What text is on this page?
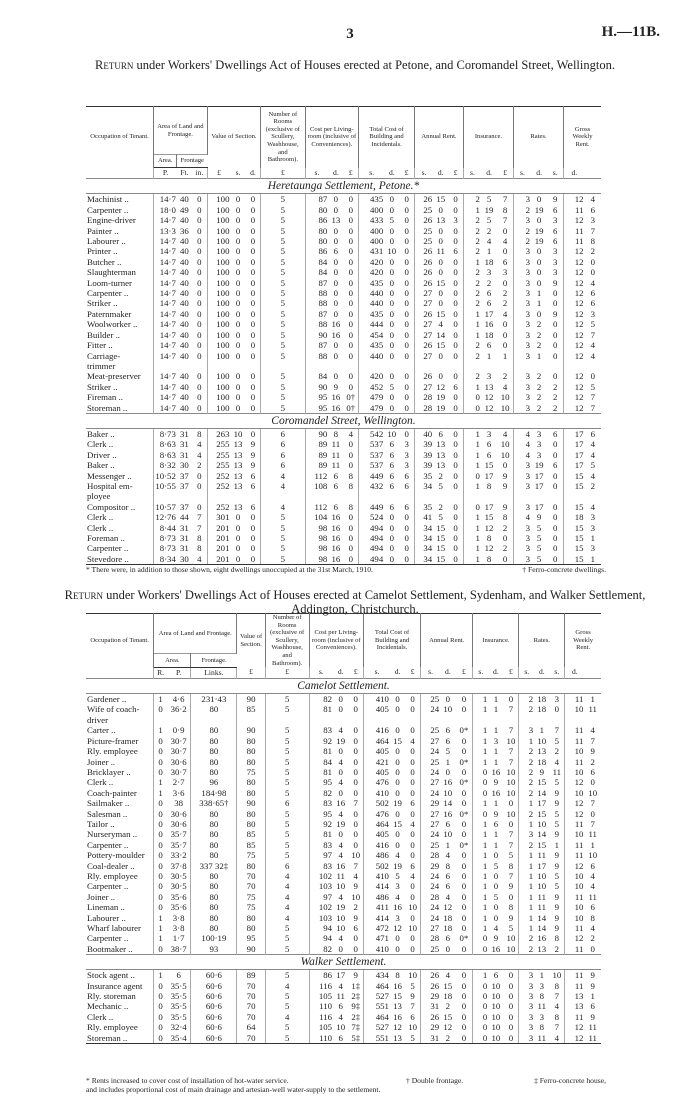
3	H.—11B.
Return under Workers' Dwellings Act of Houses erected at Petone, and Coromandel Street, Wellington.
Occupation of Tenant.	Area of Land and Frontage.			Value of Section.			Number of Rooms (exclusive of Scullery, Washhouse, and Bathroom).	Cost per Living-room (inclusive of Conveniences).			Total Cost of Building and Incidentals.			Annual Rent.			Insurance.			Rates.			Gross Weekly Rent.	
	Area.	Frontage																						
	P.	Ft.	in.	£	s.	d.	£	s.	d.	£	s.	d.	£	s.	d.	£	s.	d.	£	s.	d.	s.	d.	
Heretaunga Settlement, Petone.*																								
Machinist ..	14·7	40	0	100	0	0	5	87	0	0	435	0	0	26	15	0	2	5	7	3	0	9	12	4
Carpenter ..	18·0	49	0	100	0	0	5	80	0	0	400	0	0	25	0	0	1	19	8	2	19	6	11	6
Engine-driver	14·7	40	0	100	0	0	5	86	13	0	433	5	0	26	13	3	2	5	7	3	0	3	12	3
Painter ..	13·3	36	0	100	0	0	5	80	0	0	400	0	0	25	0	0	2	2	0	2	19	6	11	7
Labourer ..	14·7	40	0	100	0	0	5	80	0	0	400	0	0	25	0	0	2	4	4	2	19	6	11	8
Printer ..	14·7	40	0	100	0	0	5	86	6	0	431	10	0	26	11	6	2	1	0	3	0	3	12	2
Butcher ..	14·7	40	0	100	0	0	5	84	0	0	420	0	0	26	0	0	1	18	6	3	0	3	12	0
Slaughterman	14·7	40	0	100	0	0	5	84	0	0	420	0	0	26	0	0	2	3	3	3	0	3	12	0
Loom-turner	14·7	40	0	100	0	0	5	87	0	0	435	0	0	26	15	0	2	2	0	3	0	9	12	4
Carpenter ..	14·7	40	0	100	0	0	5	88	0	0	440	0	0	27	0	0	2	6	2	3	1	0	12	6
Striker ..	14·7	40	0	100	0	0	5	88	0	0	440	0	0	27	0	0	2	6	2	3	1	0	12	6
Paternmaker	14·7	40	0	100	0	0	5	87	0	0	435	0	0	26	15	0	1	17	4	3	0	9	12	3
Woolworker ..	14·7	40	0	100	0	0	5	88	16	0	444	0	0	27	4	0	1	16	0	3	2	0	12	5
Builder ..	14·7	40	0	100	0	0	5	90	16	0	454	0	0	27	14	0	1	18	0	3	2	0	12	7
Fitter ..	14·7	40	0	100	0	0	5	87	0	0	435	0	0	26	15	0	2	6	0	3	2	0	12	4
Carriage-	14·7	40	0	100	0	0	5	88	0	0	440	0	0	27	0	0	2	1	1	3	1	0	12	4
trimmer																								
Meat-preserver	14·7	40	0	100	0	0	5	84	0	0	420	0	0	26	0	0	2	3	2	3	2	0	12	0
Striker ..	14·7	40	0	100	0	0	5	90	9	0	452	5	0	27	12	6	1	13	4	3	2	2	12	5
Fireman ..	14·7	40	0	100	0	0	5	95	16	0†	479	0	0	28	19	0	0	12	10	3	2	2	12	7
Storeman ..	14·7	40	0	100	0	0	5	95	16	0†	479	0	0	28	19	0	0	12	10	3	2	2	12	7
Coromandel Street, Wellington.																								
Baker ..	8·73	31	8	263	10	0	6	90	8	4	542	10	0	40	6	0	1	3	4	4	3	6	17	6
Clerk ..	8·63	31	4	255	13	9	6	89	11	0	537	6	3	39	13	0	1	6	10	4	3	0	17	4
Driver ..	8·63	31	4	255	13	9	6	89	11	0	537	6	3	39	13	0	1	6	10	4	3	0	17	4
Baker ..	8·32	30	2	255	13	9	6	89	11	0	537	6	3	39	13	0	1	15	0	3	19	6	17	5
Messenger ..	10·52	37	0	252	13	6	4	112	6	8	449	6	6	35	2	0	0	17	9	3	17	0	15	4
Hospital em-	10·55	37	0	252	13	6	4	108	6	8	432	6	6	34	5	0	1	8	9	3	17	0	15	2
ployee																								
Compositor ..	10·57	37	0	252	13	6	4	112	6	8	449	6	6	35	2	0	0	17	9	3	17	0	15	4
Clerk ..	12·76	44	7	301	0	0	5	104	16	0	524	0	0	41	5	0	1	15	8	4	9	0	18	3
Clerk ..	8·44	31	7	201	0	0	5	98	16	0	494	0	0	34	15	0	1	12	2	3	5	0	15	3
Foreman ..	8·73	31	8	201	0	0	5	98	16	0	494	0	0	34	15	0	1	8	0	3	5	0	15	1
Carpenter ..	8·73	31	8	201	0	0	5	98	16	0	494	0	0	34	15	0	1	12	2	3	5	0	15	3
Stevedore ..	8·34	30	4	201	0	0	5	98	16	0	494	0	0	34	15	0	1	8	0	3	5	0	15	1
* There were, in addition to those shown, eight dwellings unoccupied at the 31st March, 1910.	† Ferro-concrete dwellings.
Return under Workers' Dwellings Act of Houses erected at Camelot Settlement, Sydenham, and Walker Settlement, Addington, Christchurch.
Occupation of Tenant.	Area of Land and Frontage.			Value of Section.	Number of Rooms (exclusive of Scullery, Washhouse, and Bathroom).	Cost per Living-room (inclusive of Conveniences).			Total Cost of Building and Incidentals.			Annual Rent.			Insurance.			Rates.			Gross Weekly Rent.	
	Area.		Frontage.																			
	R.	P.	Links.	£	£	s.	d.	£	s.	d.	£	s.	d.	£	s.	d.	£	s.	d.	s.	d.	
Camelot Settlement.																						
Gardener ..	1	4·6	231·43	90	5	82	0	0	410	0	0	25	0	0	1	1	0	2	18	3	11	1
Wife of coach-	0	36·2	80	85	5	81	0	0	405	0	0	24	10	0	1	1	7	2	18	0	10	11
driver																						
Carter ..	1	0·9	80	90	5	83	4	0	416	0	0	25	6	0*	1	1	7	3	1	7	11	4
Picture-framer	0	30·7	80	80	5	92	19	0	464	15	4	27	6	0	1	3	10	1	10	5	11	7
Rly. employee	0	30·7	80	80	5	81	0	0	405	0	0	24	5	0	1	1	7	2	13	2	10	9
Joiner ..	0	30·6	80	80	5	84	4	0	421	0	0	25	1	0*	1	1	7	2	18	4	11	2
Bricklayer ..	0	30·7	80	75	5	81	0	0	405	0	0	24	0	0	0	16	10	2	9	11	10	6
Clerk ..	1	2·7	96	80	5	95	4	0	476	0	0	27	16	0*	0	9	10	2	15	5	12	0
Coach-painter	1	3·6	184·98	80	5	82	0	0	410	0	0	24	10	0	0	16	10	2	14	9	10	10
Sailmaker ..	0	38	338·65†	90	6	83	16	7	502	19	6	29	14	0	1	1	0	1	17	9	12	7
Salesman ..	0	30·6	80	80	5	95	4	0	476	0	0	27	16	0*	0	9	10	2	15	5	12	0
Tailor ..	0	30·6	80	80	5	92	19	0	464	15	4	27	6	0	1	6	0	1	10	5	11	7
Nurseryman ..	0	35·7	80	85	5	81	0	0	405	0	0	24	10	0	1	1	7	3	14	9	10	11
Carpenter ..	0	35·7	80	85	5	83	4	0	416	0	0	25	1	0*	1	1	7	2	15	1	11	1
Pottery-moulder	0	33·2	80	75	5	97	4	10	486	4	0	28	4	0	1	0	5	1	11	9	11	10
Coal-dealer ..	0	37·8	337 32‡	80	6	83	16	7	502	19	6	29	8	0	1	5	8	1	17	9	12	6
Rly. employee	0	30·5	80	70	4	102	11	4	410	5	4	24	6	0	1	0	7	1	10	5	10	4
Carpenter ..	0	30·5	80	70	4	103	10	9	414	3	0	24	6	0	1	0	9	1	10	5	10	4
Joiner ..	0	35·6	80	75	4	97	4	10	486	4	0	28	4	0	1	5	0	1	11	9	11	11
Lineman ..	0	35·6	80	75	4	102	19	2	411	16	10	24	12	0	1	0	8	1	11	9	10	6
Labourer ..	1	3·8	80	80	4	103	10	9	414	3	0	24	18	0	1	0	9	1	14	9	10	8
Wharf labourer	1	3·8	80	80	5	94	10	6	472	12	10	27	18	0	1	4	5	1	14	9	11	4
Carpenter ..	1	1·7	100·19	95	5	94	4	0	471	0	0	28	6	0*	0	9	10	2	16	8	12	2
Bootmaker ..	0	38·7	93	90	5	82	0	0	410	0	0	25	0	0	0	16	10	2	13	2	11	0
Walker Settlement.																						
Stock agent ..	1	6	60·6	89	5	86	17	9	434	8	10	26	4	0	1	6	0	3	1	10	11	9
Insurance agent	0	35·5	60·6	70	4	116	4	1‡	464	16	5	26	15	0	0	10	0	3	3	8	11	9
Rly. storeman	0	35·5	60·6	70	5	105	11	2‡	527	15	9	29	18	0	0	10	0	3	8	7	13	1
Mechanic ..	0	35·5	60·6	70	5	110	6	9‡	551	13	7	31	2	0	0	10	0	3	11	4	13	6
Clerk ..	0	35·5	60·6	70	4	116	4	2‡	464	16	6	26	15	0	0	10	0	3	3	8	11	9
Rly. employee	0	32·4	60·6	64	5	105	10	7‡	527	12	10	29	12	0	0	10	0	3	8	7	12	11
Storeman ..	0	35·4	60·6	70	5	110	6	5‡	551	13	5	31	2	0	0	10	0	3	11	4	12	11
* Rents increased to cover cost of installation of hot-water service.	† Double frontage.	‡ Ferro-concrete house,

and includes proportional cost of main drainage and artesian-well water-supply to the settlement.
